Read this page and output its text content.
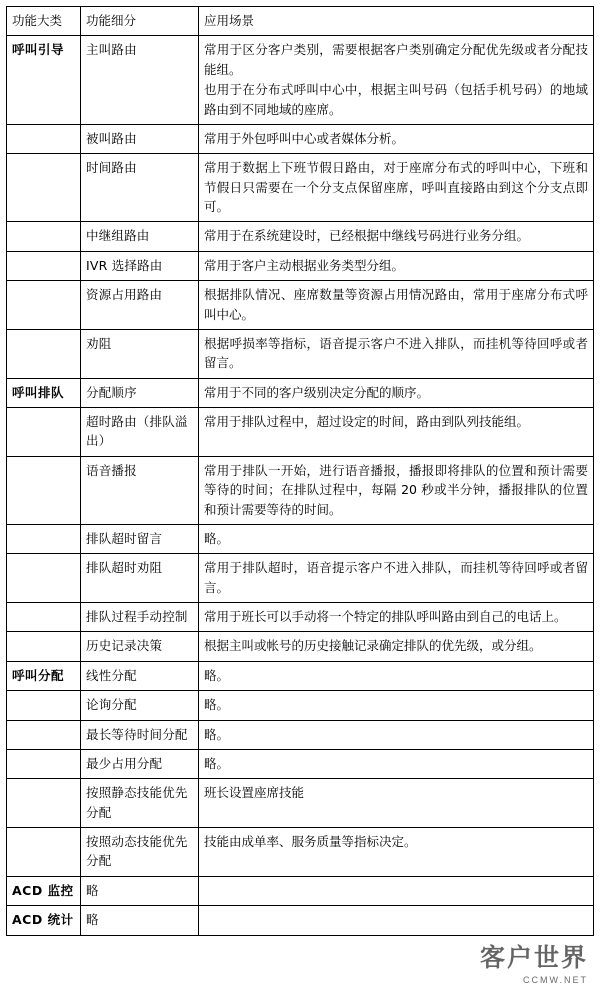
功能大类	功能细分	应用场景

呼叫引导	主叫路由	常用于区分客户类别，需要根据客户类别确定分配优先级或者分配技能组。

也用于在分布式呼叫中心中，根据主叫号码（包括手机号码）的地域路由到不同地域的座席。

	被叫路由	常用于外包呼叫中心或者媒体分析。

	时间路由	常用于数据上下班节假日路由，对于座席分布式的呼叫中心，下班和节假日只需要在一个分支点保留座席，呼叫直接路由到这个分支点即可。

	中继组路由	常用于在系统建设时，已经根据中继线号码进行业务分组。

	IVR 选择路由	常用于客户主动根据业务类型分组。

	资源占用路由	根据排队情况、座席数量等资源占用情况路由，常用于座席分布式呼叫中心。

	劝阻	根据呼损率等指标，语音提示客户不进入排队，而挂机等待回呼或者留言。

呼叫排队	分配顺序	常用于不同的客户级别决定分配的顺序。

	超时路由（排队溢出）	常用于排队过程中，超过设定的时间，路由到队列技能组。

	语音播报	常用于排队一开始，进行语音播报，播报即将排队的位置和预计需要等待的时间；在排队过程中，每隔 20 秒或半分钟，播报排队的位置和预计需要等待的时间。

	排队超时留言	略。

	排队超时劝阻	常用于排队超时，语音提示客户不进入排队，而挂机等待回呼或者留言。

	排队过程手动控制	常用于班长可以手动将一个特定的排队呼叫路由到自己的电话上。

	历史记录决策	根据主叫或帐号的历史接触记录确定排队的优先级，或分组。

呼叫分配	线性分配	略。

	论询分配	略。

	最长等待时间分配	略。

	最少占用分配	略。

	按照静态技能优先分配	班长设置座席技能

	按照动态技能优先分配	技能由成单率、服务质量等指标决定。

ACD 监控	略	

ACD 统计	略	

客户世界
CCMW.NET
